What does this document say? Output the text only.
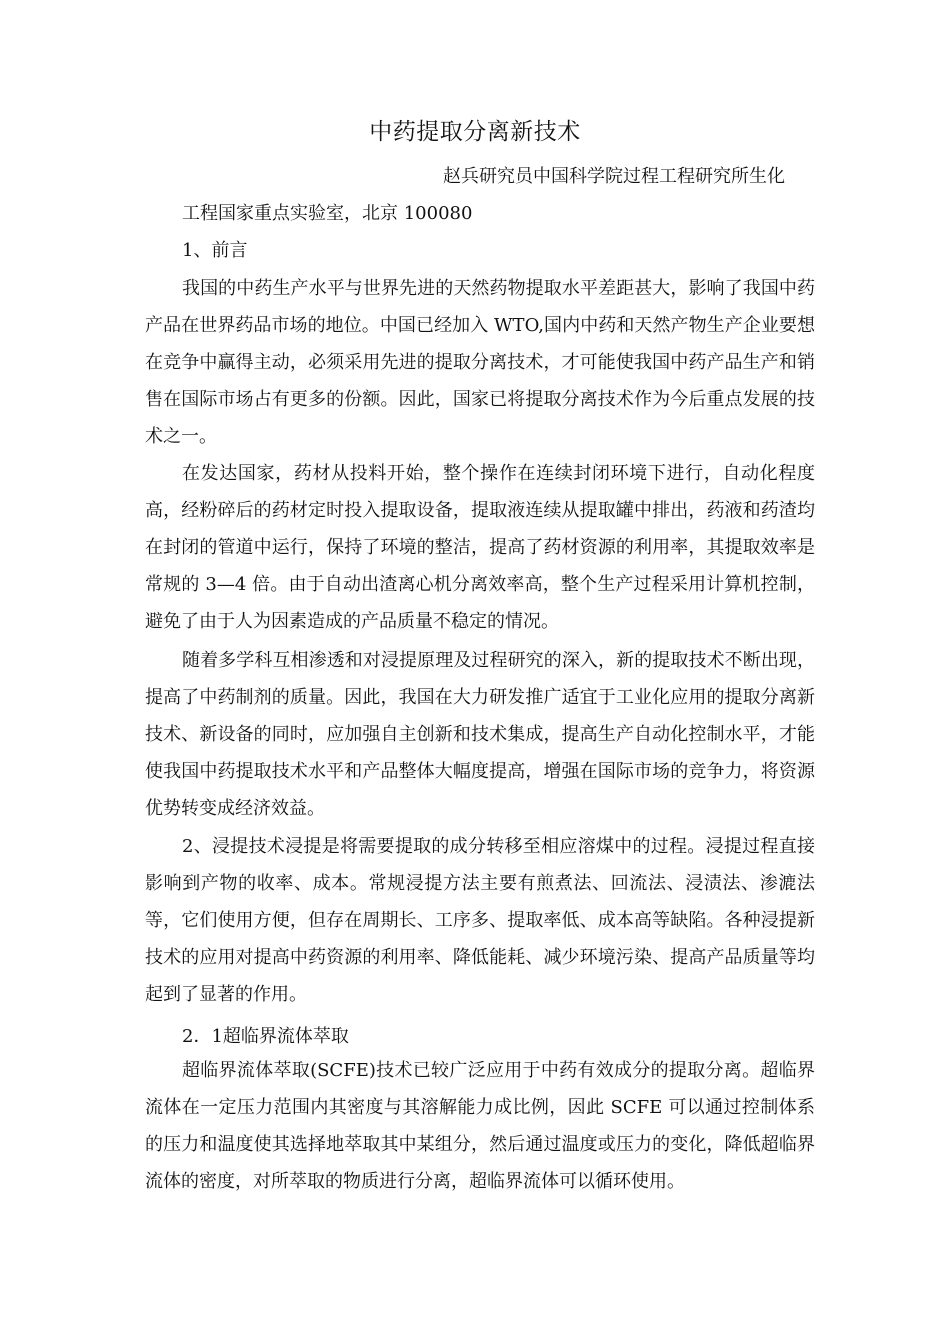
中药提取分离新技术
赵兵研究员中国科学院过程工程研究所生化
工程国家重点实验室，北京 100080
1、前言

我国的中药生产水平与世界先进的天然药物提取水平差距甚大，影响了我国中药产品在世界药品市场的地位。中国已经加入 WTO,国内中药和天然产物生产企业要想在竞争中赢得主动，必须采用先进的提取分离技术，才可能使我国中药产品生产和销售在国际市场占有更多的份额。因此，国家已将提取分离技术作为今后重点发展的技术之一。

在发达国家，药材从投料开始，整个操作在连续封闭环境下进行，自动化程度高，经粉碎后的药材定时投入提取设备，提取液连续从提取罐中排出，药液和药渣均在封闭的管道中运行，保持了环境的整洁，提高了药材资源的利用率，其提取效率是常规的 3—4 倍。由于自动出渣离心机分离效率高，整个生产过程采用计算机控制，避免了由于人为因素造成的产品质量不稳定的情况。

随着多学科互相渗透和对浸提原理及过程研究的深入，新的提取技术不断出现，提高了中药制剂的质量。因此，我国在大力研发推广适宜于工业化应用的提取分离新技术、新设备的同时，应加强自主创新和技术集成，提高生产自动化控制水平，才能使我国中药提取技术水平和产品整体大幅度提高，增强在国际市场的竞争力，将资源优势转变成经济效益。

2、浸提技术浸提是将需要提取的成分转移至相应溶煤中的过程。浸提过程直接影响到产物的收率、成本。常规浸提方法主要有煎煮法、回流法、浸渍法、渗漉法等，它们使用方便，但存在周期长、工序多、提取率低、成本高等缺陷。各种浸提新技术的应用对提高中药资源的利用率、降低能耗、减少环境污染、提高产品质量等均起到了显著的作用。

2．1超临界流体萃取

超临界流体萃取(SCFE)技术已较广泛应用于中药有效成分的提取分离。超临界流体在一定压力范围内其密度与其溶解能力成比例，因此 SCFE 可以通过控制体系的压力和温度使其选择地萃取其中某组分，然后通过温度或压力的变化，降低超临界流体的密度，对所萃取的物质进行分离，超临界流体可以循环使用。
